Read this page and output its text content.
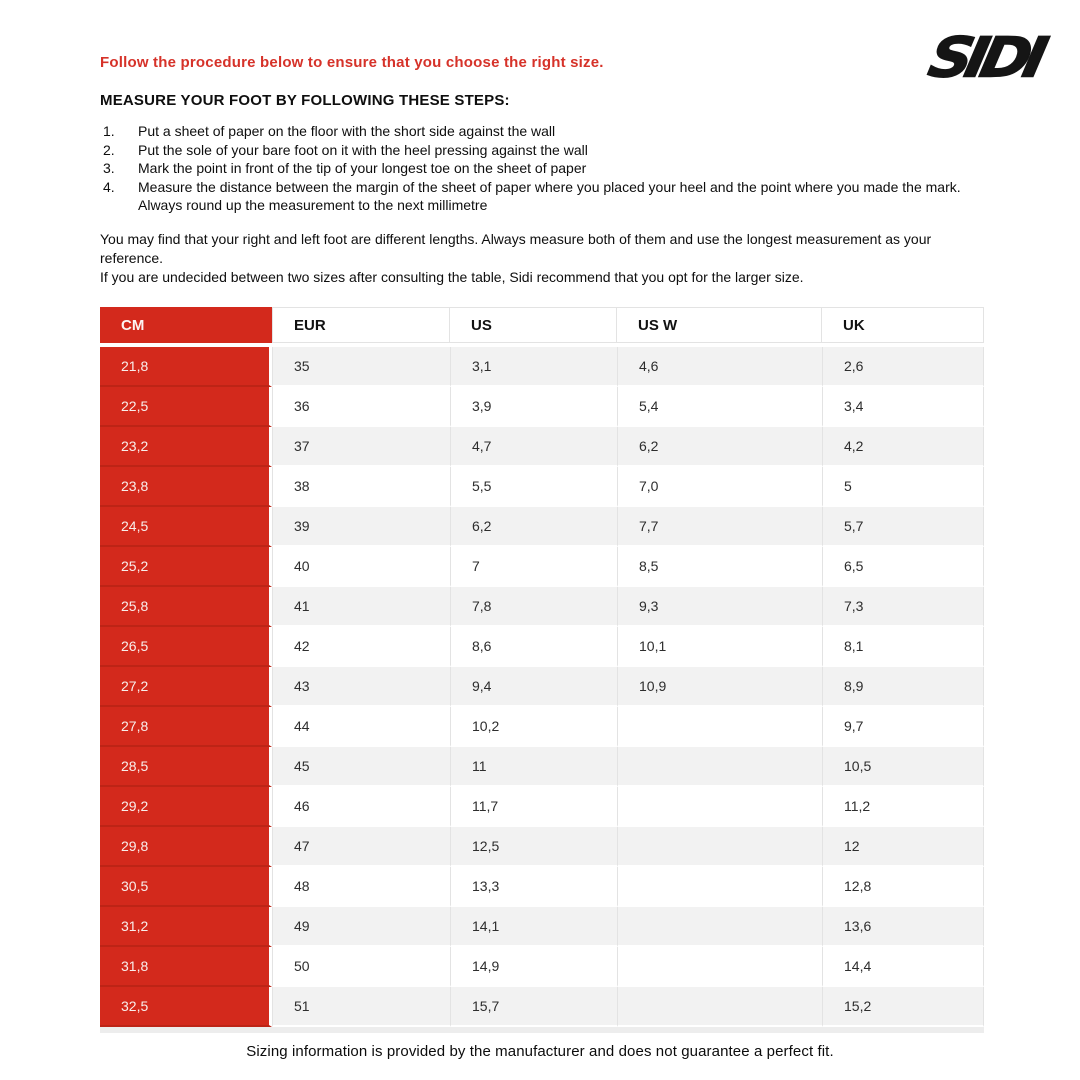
Follow the procedure below to ensure that you choose the right size.	SIDI
MEASURE YOUR FOOT BY FOLLOWING THESE STEPS:
1.	Put a sheet of paper on the floor with the short side against the wall
2.	Put the sole of your bare foot on it with the heel pressing against the wall
3.	Mark the point in front of the tip of your longest toe on the sheet of paper
4.	Measure the distance between the margin of the sheet of paper where you placed your heel and the point where you made the mark. Always round up the measurement to the next millimetre
You may find that your right and left foot are different lengths. Always measure both of them and use the longest measurement as your reference.
If you are undecided between two sizes after consulting the table, Sidi recommend that you opt for the larger size.
CM	EUR	US	US W	UK

21,8	35	3,1	4,6	2,6
22,5	36	3,9	5,4	3,4
23,2	37	4,7	6,2	4,2
23,8	38	5,5	7,0	5
24,5	39	6,2	7,7	5,7
25,2	40	7	8,5	6,5
25,8	41	7,8	9,3	7,3
26,5	42	8,6	10,1	8,1
27,2	43	9,4	10,9	8,9
27,8	44	10,2		9,7
28,5	45	11		10,5
29,2	46	11,7		11,2
29,8	47	12,5		12
30,5	48	13,3		12,8
31,2	49	14,1		13,6
31,8	50	14,9		14,4
32,5	51	15,7		15,2
Sizing information is provided by the manufacturer and does not guarantee a perfect fit.
